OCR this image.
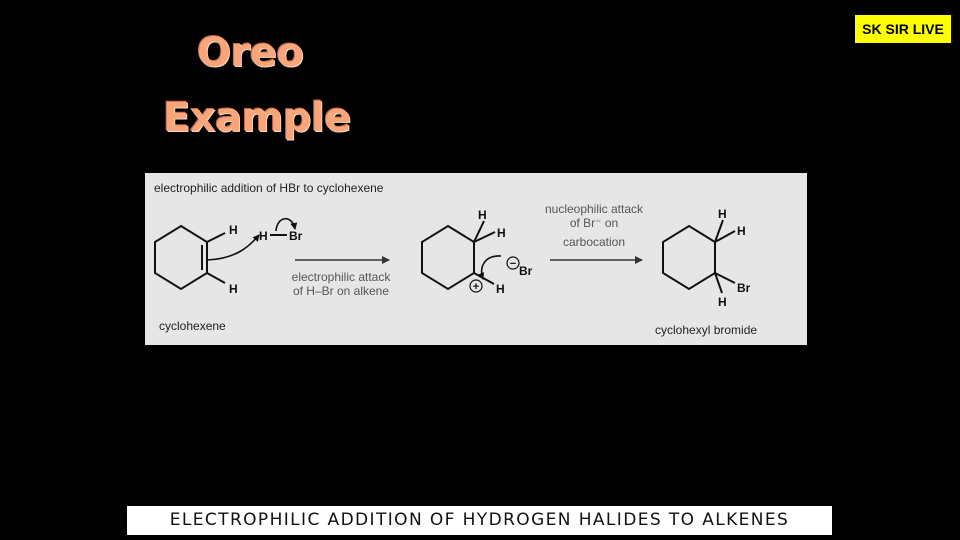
Oreo
Example
SK SIR LIVE
electrophilic addition of HBr to cyclohexene
H
H
H Br
electrophilic attack
of H–Br on alkene
H
H
H
+
− Br
nucleophilic attack
of Br⁻ on
carbocation
H
H
Br
H
cyclohexene	cyclohexyl bromide
ELECTROPHILIC ADDITION OF HYDROGEN HALIDES TO ALKENES
